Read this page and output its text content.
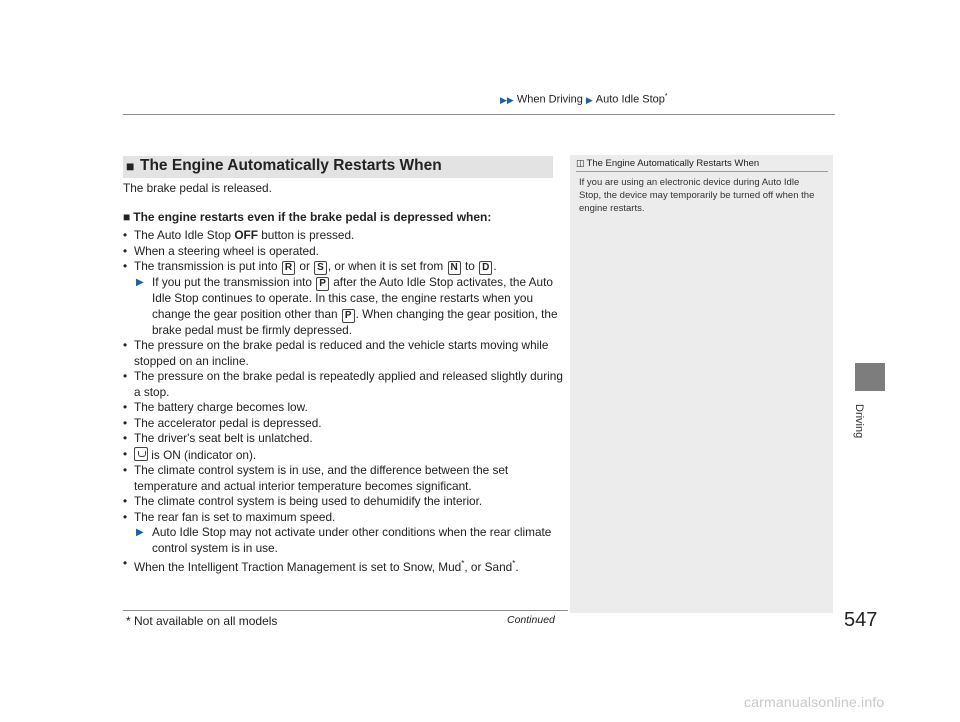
▶▶ When Driving ▶ Auto Idle Stop*
Driving
■ The Engine Automatically Restarts When
The brake pedal is released.
■ The engine restarts even if the brake pedal is depressed when:
• The Auto Idle Stop OFF button is pressed.
• When a steering wheel is operated.
• The transmission is put into R or S , or when it is set from N to D .
▶ If you put the transmission into P after the Auto Idle Stop activates, the Auto Idle Stop continues to operate. In this case, the engine restarts when you change the gear position other than P . When changing the gear position, the brake pedal must be firmly depressed.
• The pressure on the brake pedal is reduced and the vehicle starts moving while stopped on an incline.
• The pressure on the brake pedal is repeatedly applied and released slightly during a stop.
• The battery charge becomes low.
• The accelerator pedal is depressed.
• The driver's seat belt is unlatched.
• is ON (indicator on).
• The climate control system is in use, and the difference between the set temperature and actual interior temperature becomes significant.
• The climate control system is being used to dehumidify the interior.
• The rear fan is set to maximum speed.
▶ Auto Idle Stop may not activate under other conditions when the rear climate control system is in use.
• When the Intelligent Traction Management is set to Snow, Mud*, or Sand*.
◫ The Engine Automatically Restarts When
If you are using an electronic device during Auto Idle Stop, the device may temporarily be turned off when the engine restarts.
* Not available on all models	Continued	547
carmanualsonline.info
